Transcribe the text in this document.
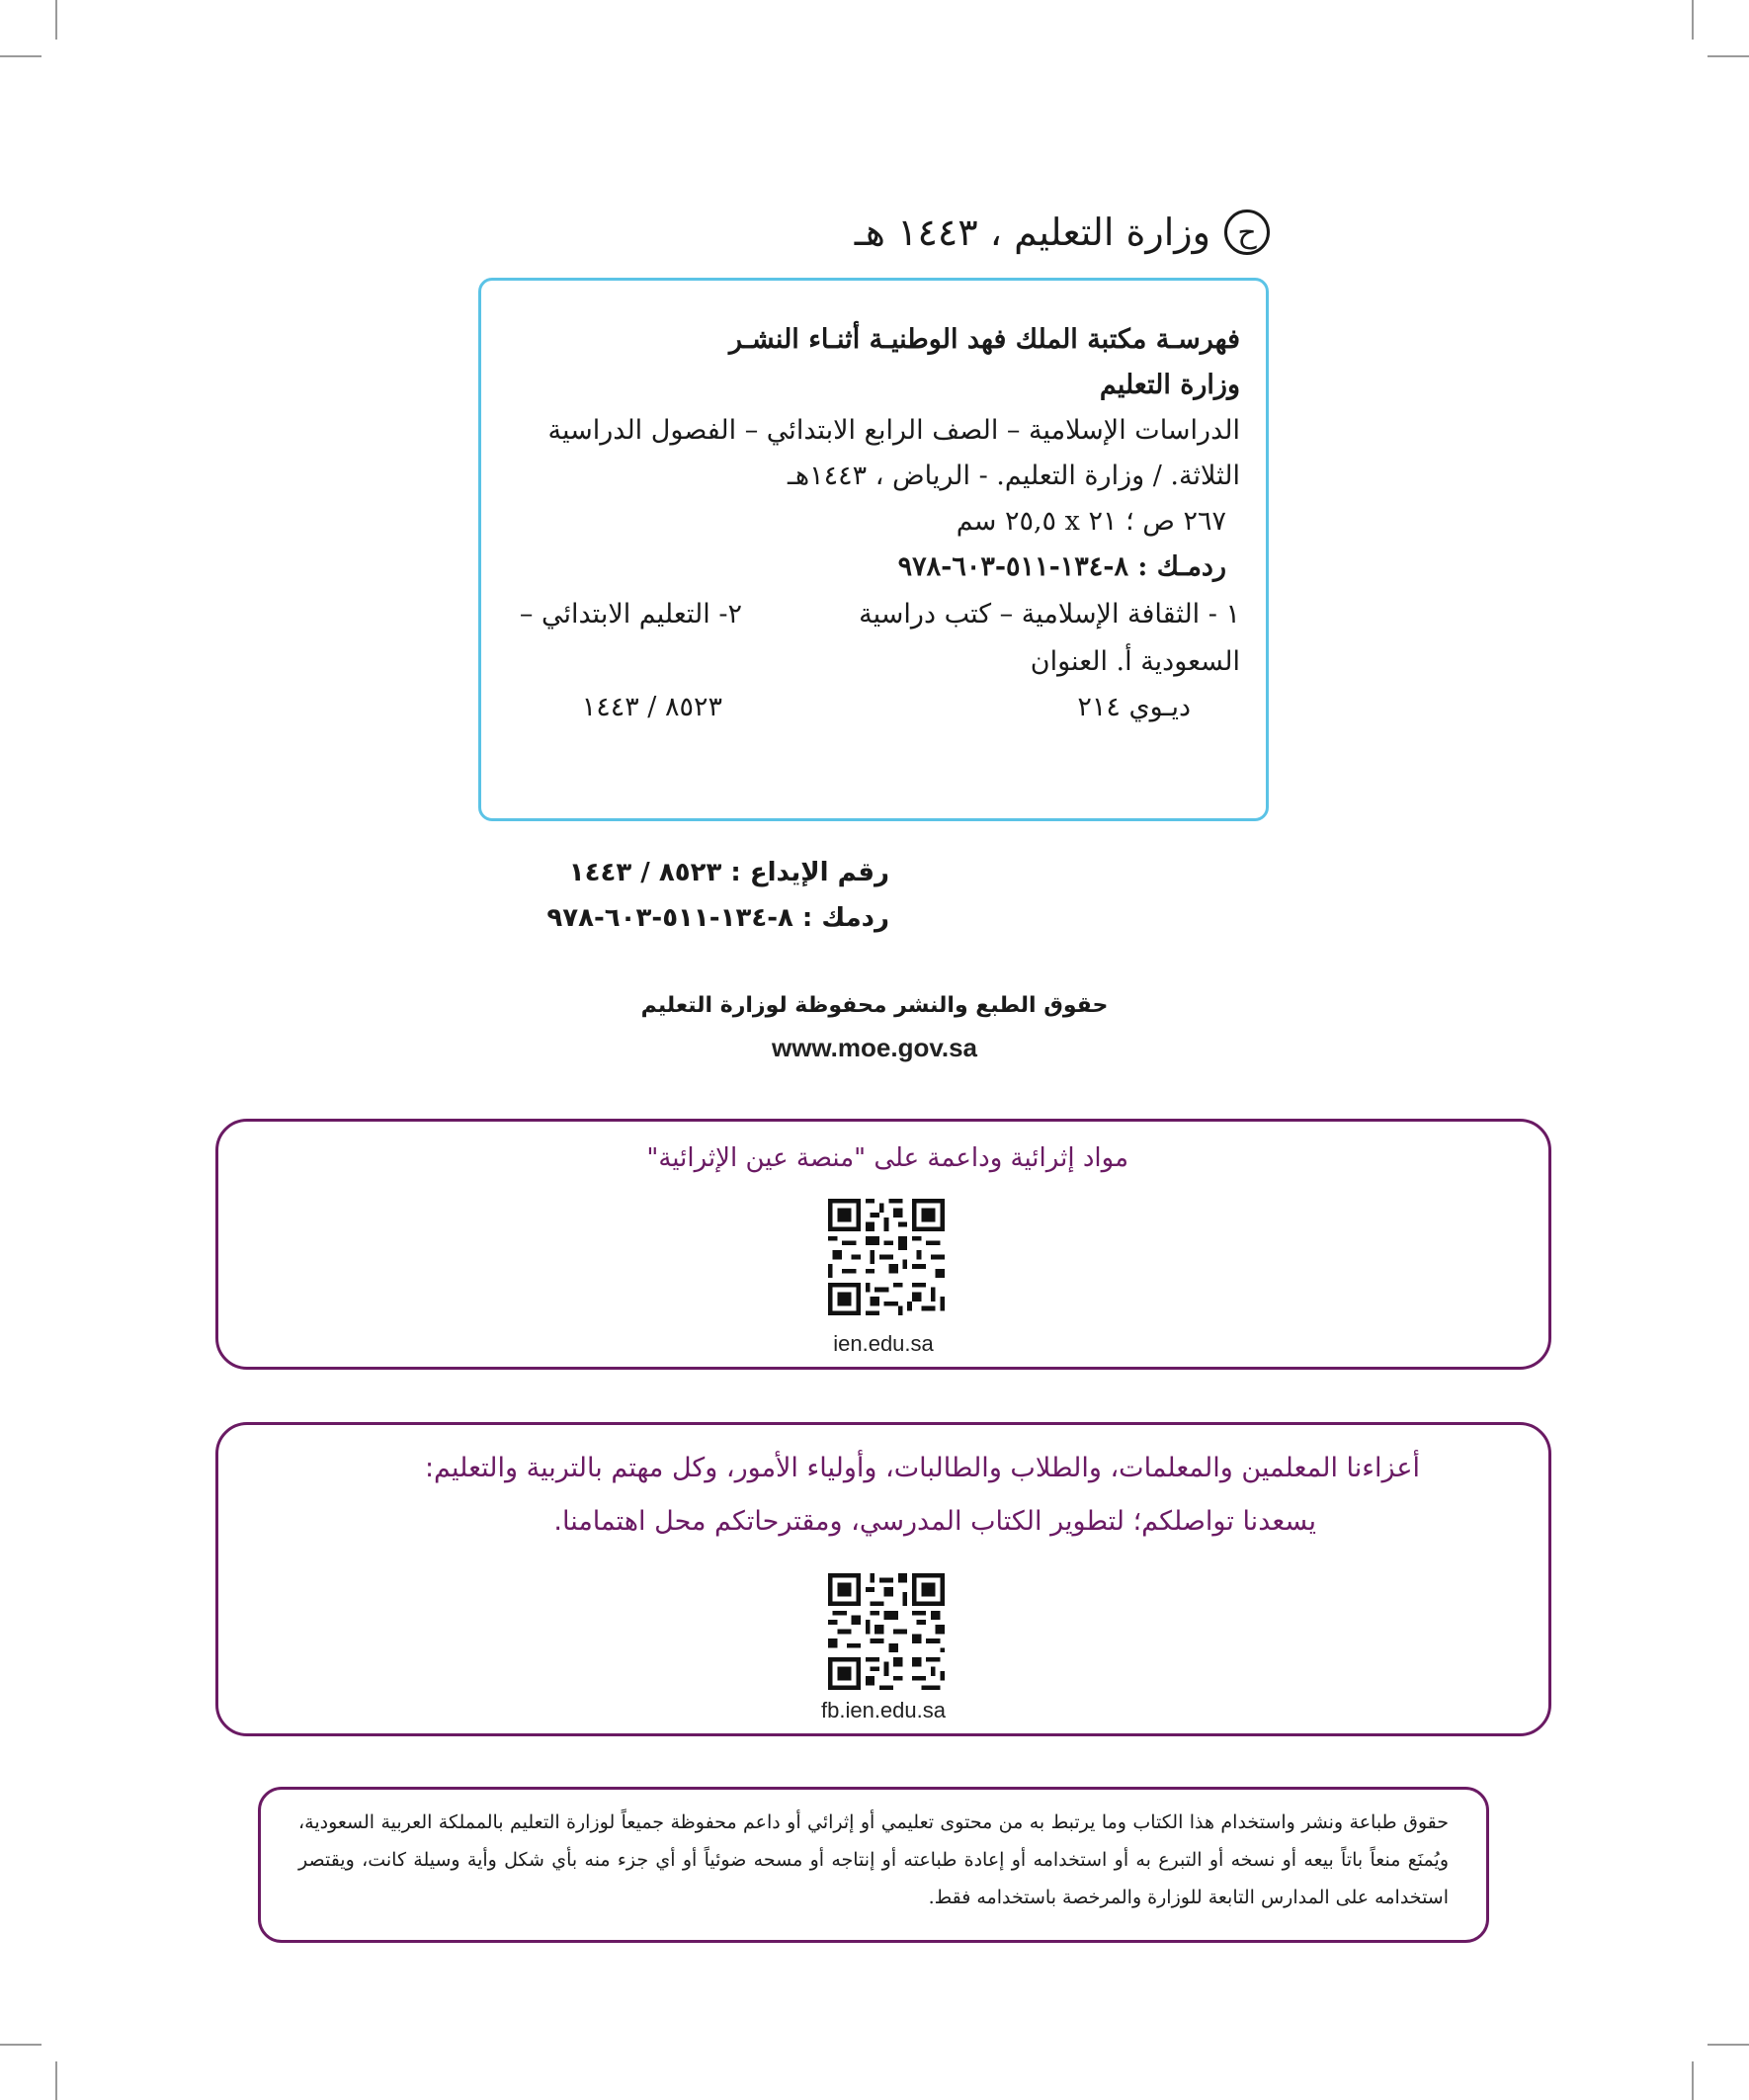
ح
وزارة التعليم ، ١٤٤٣ هـ
فهرسـة مكتبة الملك فهد الوطنيـة أثنـاء النشـر
وزارة التعليم
الدراسات الإسلامية – الصف الرابع الابتدائي – الفصول الدراسية
الثلاثة. / وزارة التعليم. - الرياض ، ١٤٤٣هـ
٢٦٧ ص ؛ ٢١ x ٢٥,٥ سم
ردمـك : ٨-١٣٤-٥١١-٦٠٣-٩٧٨
١ - الثقافة الإسلامية – كتب دراسية
٢- التعليم الابتدائي –
السعودية أ. العنوان
ديـوي ٢١٤
٨٥٢٣ / ١٤٤٣
رقم الإيداع : ٨٥٢٣ / ١٤٤٣
ردمك : ٨-١٣٤-٥١١-٦٠٣-٩٧٨
حقوق الطبع والنشر محفوظة لوزارة التعليم
www.moe.gov.sa
مواد إثرائية وداعمة على "منصة عين الإثرائية"
ien.edu.sa
أعزاءنا المعلمين والمعلمات، والطلاب والطالبات، وأولياء الأمور، وكل مهتم بالتربية والتعليم:
يسعدنا تواصلكم؛ لتطوير الكتاب المدرسي، ومقترحاتكم محل اهتمامنا.
fb.ien.edu.sa

حقوق طباعة ونشر واستخدام هذا الكتاب وما يرتبط به من محتوى تعليمي أو إثرائي أو داعم محفوظة جميعاً لوزارة التعليم بالمملكة العربية السعودية، ويُمنَع منعاً باتاً بيعه أو نسخه أو التبرع به أو استخدامه أو إعادة طباعته أو إنتاجه أو مسحه ضوئياً أو أي جزء منه بأي شكل وأية وسيلة كانت، ويقتصر استخدامه على المدارس التابعة للوزارة والمرخصة باستخدامه فقط.
